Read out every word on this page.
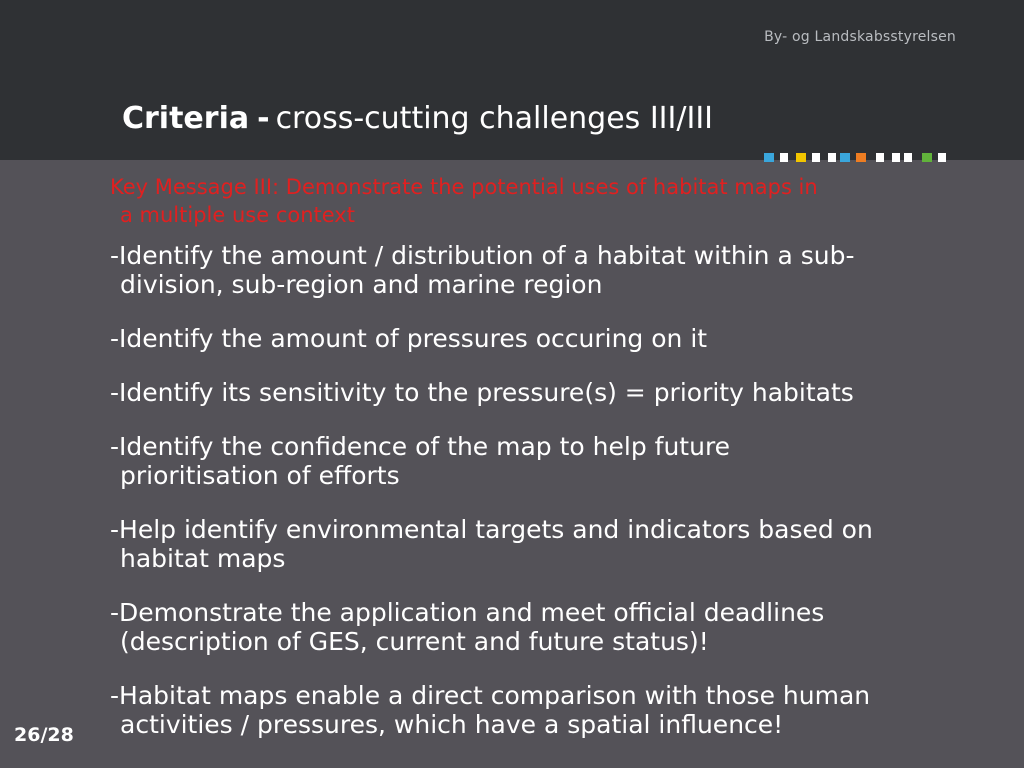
By- og Landskabsstyrelsen
Criteria - cross-cutting challenges III/III
Key Message III: Demonstrate the potential uses of habitat maps in
a multiple use context
-Identify the amount / distribution of a habitat within a sub-
division, sub-region and marine region
-Identify the amount of pressures occuring on it
-Identify its sensitivity to the pressure(s) = priority habitats
-Identify the confidence of the map to help future
prioritisation of efforts
-Help identify environmental targets and indicators based on
habitat maps
-Demonstrate the application and meet official deadlines
(description of GES, current and future status)!
-Habitat maps enable a direct comparison with those human
activities / pressures, which have a spatial influence!
26/28
